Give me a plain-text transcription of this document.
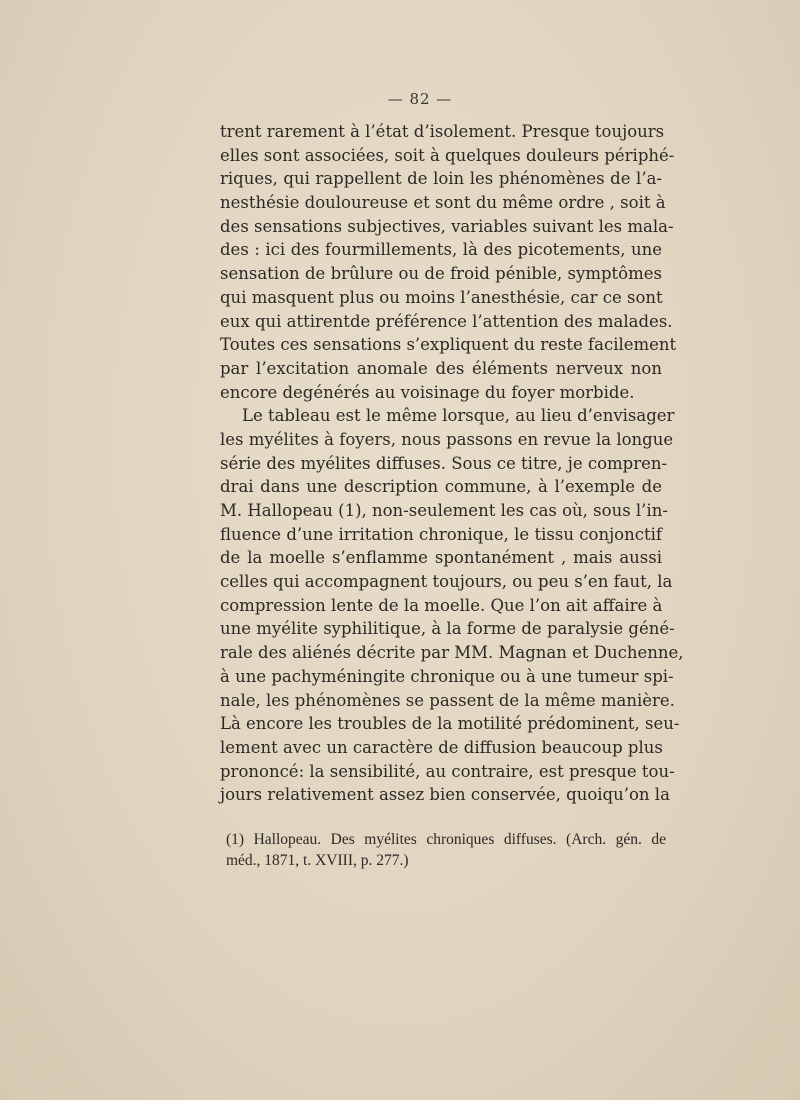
— 82 —
trent rarement à l’état d’isolement. Presque toujours
elles sont associées, soit à quelques douleurs périphé-
riques, qui rappellent de loin les phénomènes de l’a-
nesthésie douloureuse et sont du même ordre , soit à
des sensations subjectives, variables suivant les mala-
des : ici des fourmillements, là des picotements, une
sensation de brûlure ou de froid pénible, symptômes
qui masquent plus ou moins l’anesthésie, car ce sont
eux qui attirentde préférence l’attention des malades.
Toutes ces sensations s’expliquent du reste facilement
par l’excitation anomale des éléments nerveux non
encore degénérés au voisinage du foyer morbide.
Le tableau est le même lorsque, au lieu d’envisager
les myélites à foyers, nous passons en revue la longue
série des myélites diffuses. Sous ce titre, je compren-
drai dans une description commune, à l’exemple de
M. Hallopeau (1), non-seulement les cas où, sous l’in-
fluence d’une irritation chronique, le tissu conjonctif
de la moelle s’enflamme spontanément , mais aussi
celles qui accompagnent toujours, ou peu s’en faut, la
compression lente de la moelle. Que l’on ait affaire à
une myélite syphilitique, à la forme de paralysie géné-
rale des aliénés décrite par MM. Magnan et Duchenne,
à une pachyméningite chronique ou à une tumeur spi-
nale, les phénomènes se passent de la même manière.
Là encore les troubles de la motilité prédominent, seu-
lement avec un caractère de diffusion beaucoup plus
prononcé: la sensibilité, au contraire, est presque tou-
jours relativement assez bien conservée, quoiqu’on la
(1) Hallopeau. Des myélites chroniques diffuses. (Arch. gén. de
méd., 1871, t. XVIII, p. 277.)
